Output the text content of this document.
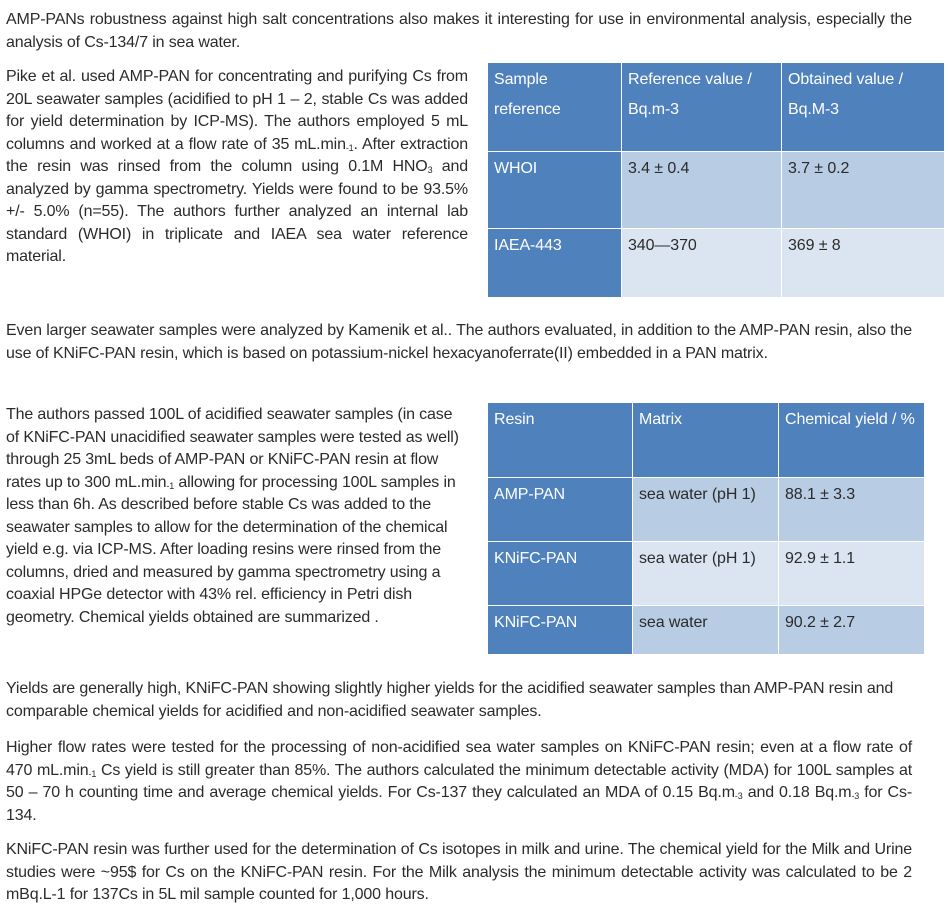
AMP-PANs robustness against high salt concentrations also makes it interesting for use in environmental analysis, especially the analysis of Cs-134/7 in sea water.

Pike et al. used AMP-PAN for concentrating and purifying Cs from 20L seawater samples (acidified to pH 1 – 2, stable Cs was added for yield determination by ICP-MS). The authors employed 5 mL columns and worked at a flow rate of 35 $mL.\min_{-1}$. After extraction the resin was rinsed from the column using 0.1M $HNO_3$ and analyzed by gamma spectrometry. Yields were found to be 93.5% +/- 5.0% (n=55). The authors further analyzed an internal lab standard (WHOI) in triplicate and IAEA sea water reference material.

Sample reference	Reference value / Bq.m-3	Obtained value / Bq.M-3
WHOI	3.4 ± 0.4	3.7 ± 0.2
IAEA-443	340—370	369 ± 8

Even larger seawater samples were analyzed by Kamenik et al.. The authors evaluated, in addition to the AMP-PAN resin, also the use of KNiFC-PAN resin, which is based on potassium-nickel hexacyanoferrate(II) embedded in a PAN matrix.

The authors passed 100L of acidified seawater samples (in case of KNiFC-PAN unacidified seawater samples were tested as well) through 25 3mL beds of AMP-PAN or KNiFC-PAN resin at flow rates up to 300 $mL.\min_{-1}$ allowing for processing 100L samples in less than 6h. As described before stable Cs was added to the seawater samples to allow for the determination of the chemical yield e.g. via ICP-MS. After loading resins were rinsed from the columns, dried and measured by gamma spectrometry using a coaxial HPGe detector with 43% rel. efficiency in Petri dish geometry. Chemical yields obtained are summarized .

Resin	Matrix	Chemical yield / %
AMP-PAN	sea water (pH 1)	88.1 ± 3.3
KNiFC-PAN	sea water (pH 1)	92.9 ± 1.1
KNiFC-PAN	sea water	90.2 ± 2.7

Yields are generally high, KNiFC-PAN showing slightly higher yields for the acidified seawater samples than AMP-PAN resin and comparable chemical yields for acidified and non-acidified seawater samples.

Higher flow rates were tested for the processing of non-acidified sea water samples on KNiFC-PAN resin; even at a flow rate of 470 $mL.\min_{-1}$ Cs yield is still greater than 85%. The authors calculated the minimum detectable activity (MDA) for 100L samples at 50 – 70 h counting time and average chemical yields. For Cs-137 they calculated an MDA of 0.15 $Bq.m_{-3}$ and 0.18 $Bq.m_{-3}$ for Cs-134.

KNiFC-PAN resin was further used for the determination of Cs isotopes in milk and urine. The chemical yield for the Milk and Urine studies were ~95$ for Cs on the KNiFC-PAN resin. For the Milk analysis the minimum detectable activity was calculated to be 2 mBq.L-1 for 137Cs in 5L mil sample counted for 1,000 hours.
